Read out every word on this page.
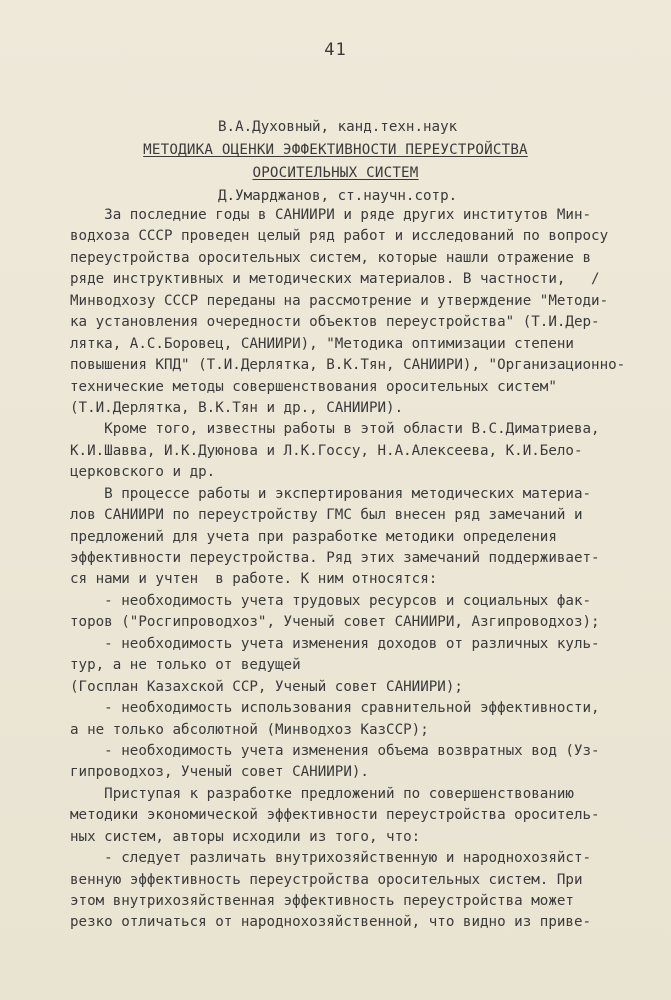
41

В.А.Духовный, канд.техн.наук

Д.Умарджанов, ст.научн.сотр.

МЕТОДИКА ОЦЕНКИ ЭФФЕКТИВНОСТИ ПЕРЕУСТРОЙСТВА
ОРОСИТЕЛЬНЫХ СИСТЕМ
За последние годы в САНИИРИ и ряде других институтов Мин-
водхоза СССР проведен целый ряд работ и исследований по вопросу
переустройства оросительных систем, которые нашли отражение в
ряде инструктивных и методических материалов. В частности,   /
Минводхозу СССР переданы на рассмотрение и утверждение "Методи-
ка установления очередности объектов переустройства" (Т.И.Дер-
лятка, А.С.Боровец, САНИИРИ), "Методика оптимизации степени
повышения КПД" (Т.И.Дерлятка, В.К.Тян, САНИИРИ), "Организационно-
технические методы совершенствования оросительных систем"
(Т.И.Дерлятка, В.К.Тян и др., САНИИРИ).
Кроме того, известны работы в этой области В.С.Диматриева,
К.И.Шавва, И.К.Дуюнова и Л.К.Госсу, Н.А.Алексеева, К.И.Бело-
церковского и др.
В процессе работы и экспертирования методических материа-
лов САНИИРИ по переустройству ГМС был внесен ряд замечаний и
предложений для учета при разработке методики определения
эффективности переустройства. Ряд этих замечаний поддерживает-
ся нами и учтен  в работе. К ним относятся:
- необходимость учета трудовых ресурсов и социальных фак-
торов ("Росгипроводхоз", Ученый совет САНИИРИ, Азгипроводхоз);
- необходимость учета изменения доходов от различных куль-
тур, а не только от ведущей
(Госплан Казахской ССР, Ученый совет САНИИРИ);
- необходимость использования сравнительной эффективности,
а не только абсолютной (Минводхоз КазССР);
- необходимость учета изменения объема возвратных вод (Уз-
гипроводхоз, Ученый совет САНИИРИ).
Приступая к разработке предложений по совершенствованию
методики экономической эффективности переустройства ороситель-
ных систем, авторы исходили из того, что:
- следует различать внутрихозяйственную и народнохозяйст-
венную эффективность переустройства оросительных систем. При
этом внутрихозяйственная эффективность переустройства может
резко отличаться от народнохозяйственной, что видно из приве-
